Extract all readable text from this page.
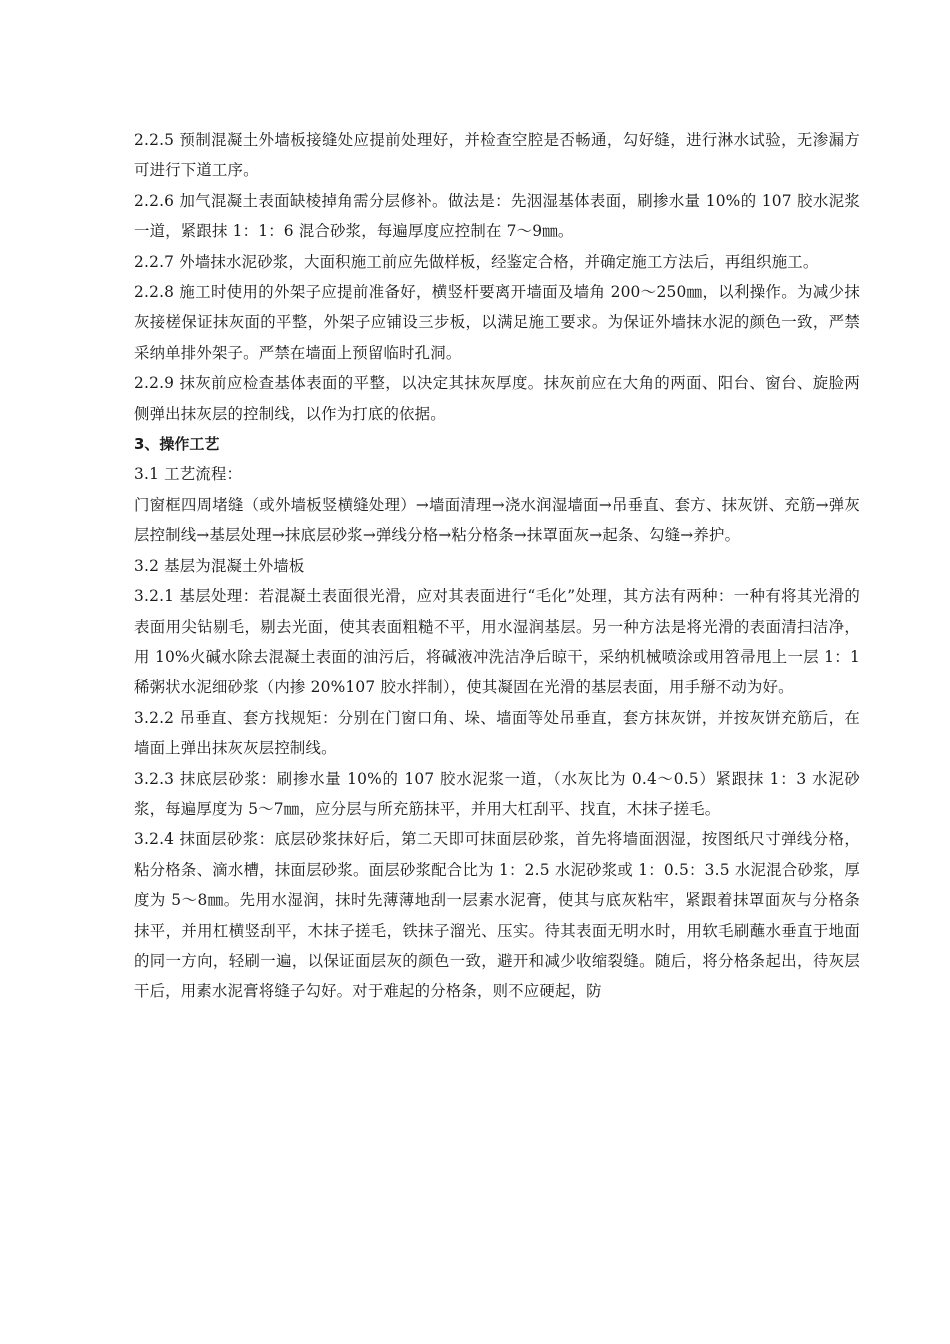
2.2.5 预制混凝土外墙板接缝处应提前处理好，并检查空腔是否畅通，勾好缝，进行淋水试验，无渗漏方可进行下道工序。

2.2.6 加气混凝土表面缺棱掉角需分层修补。做法是：先洇湿基体表面，刷掺水量 10%的 107 胶水泥浆一道，紧跟抹 1：1：6 混合砂浆，每遍厚度应控制在 7～9㎜。

2.2.7 外墙抹水泥砂浆，大面积施工前应先做样板，经鉴定合格，并确定施工方法后，再组织施工。

2.2.8 施工时使用的外架子应提前准备好，横竖杆要离开墙面及墙角 200～250㎜，以利操作。为减少抹灰接槎保证抹灰面的平整，外架子应铺设三步板，以满足施工要求。为保证外墙抹水泥的颜色一致，严禁采纳单排外架子。严禁在墙面上预留临时孔洞。

2.2.9 抹灰前应检查基体表面的平整，以决定其抹灰厚度。抹灰前应在大角的两面、阳台、窗台、旋脸两侧弹出抹灰层的控制线，以作为打底的依据。

3、操作工艺

3.1 工艺流程：

门窗框四周堵缝（或外墙板竖横缝处理）→墙面清理→浇水润湿墙面→吊垂直、套方、抹灰饼、充筋→弹灰层控制线→基层处理→抹底层砂浆→弹线分格→粘分格条→抹罩面灰→起条、勾缝→养护。

3.2 基层为混凝土外墙板

3.2.1 基层处理：若混凝土表面很光滑，应对其表面进行“毛化”处理，其方法有两种：一种有将其光滑的表面用尖钻剔毛，剔去光面，使其表面粗糙不平，用水湿润基层。另一种方法是将光滑的表面清扫洁净，用 10%火碱水除去混凝土表面的油污后，将碱液冲洗洁净后晾干，采纳机械喷涂或用笤帚甩上一层 1：1 稀粥状水泥细砂浆（内掺 20%107 胶水拌制），使其凝固在光滑的基层表面，用手掰不动为好。

3.2.2 吊垂直、套方找规矩：分别在门窗口角、垛、墙面等处吊垂直，套方抹灰饼，并按灰饼充筋后，在墙面上弹出抹灰灰层控制线。

3.2.3 抹底层砂浆：刷掺水量 10%的 107 胶水泥浆一道，（水灰比为 0.4～0.5）紧跟抹 1：3 水泥砂浆，每遍厚度为 5～7㎜，应分层与所充筋抹平，并用大杠刮平、找直，木抹子搓毛。

3.2.4 抹面层砂浆：底层砂浆抹好后，第二天即可抹面层砂浆，首先将墙面洇湿，按图纸尺寸弹线分格，粘分格条、滴水槽，抹面层砂浆。面层砂浆配合比为 1：2.5 水泥砂浆或 1：0.5：3.5 水泥混合砂浆，厚度为 5～8㎜。先用水湿润，抹时先薄薄地刮一层素水泥膏，使其与底灰粘牢，紧跟着抹罩面灰与分格条抹平，并用杠横竖刮平，木抹子搓毛，铁抹子溜光、压实。待其表面无明水时，用软毛刷蘸水垂直于地面的同一方向，轻刷一遍，以保证面层灰的颜色一致，避开和减少收缩裂缝。随后，将分格条起出，待灰层干后，用素水泥膏将缝子勾好。对于难起的分格条，则不应硬起，防
